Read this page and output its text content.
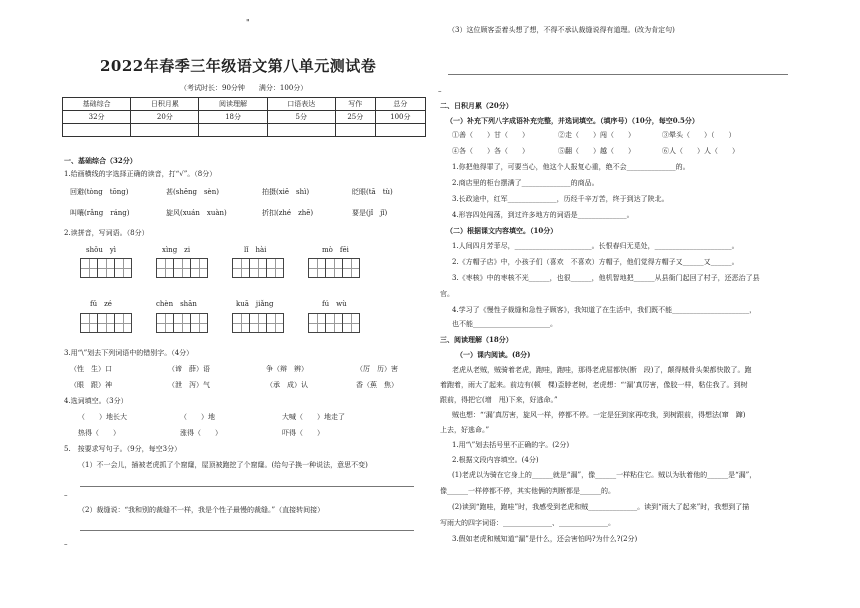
"
2022年春季三年级语文第八单元测试卷
（考试时长：90分钟　　满分：100分）
基础综合	日积月累	阅读理解	口语表达	写作	总分
32分	20分	18分	5分	25分	100分

一、基础综合（32分）
1.给画横线的字选择正确的读音，打“√”。（8分）
回避(tòng　tōng)	甚(shēng　sèn)	拍摄(xiē　shì)	眨眼(tā　tù)
叫嚷(rǎng　ráng)	旋风(xuán　xuàn)	折扣(zhé　zhē)	要是(jǐ　jǐ)
2.读拼音，写词语。（8分）
shǒu　yì	xìng　zi	lǐ　hài	mò　fēi
fǔ　zé	chèn　shān	kuā　jiǎng	fú　wù
3.用“\”划去下列词语中的错别字。（4分）
（性　生）口	（谛　薛）语	争（辩　辨）	（厉　历）害
（眼　跟）神	（泄　泻）气	（承　成）认	香（蕉　焦）
4.选词填空。（3分）
（　　）地长大	（　　）地	大喊（　　）地走了
热得（　　）	涨得（　　）	吓得（　　）
5.　按要求写句子。（9分，每空3分）
（1）不一会儿，插被老虎抓了个窟窿，屋顶被跑挖了个窟窿。(给句子换一种说法，意思不变)
–
（2）裁缝说：“我和别的裁缝不一样，我是个性子最慢的裁缝。”（直接转间接）
–
（3）这位顾客歪着头想了想，不得不承认裁缝说得有道理。(改为肯定句)
–
二、日积月累（20分）
（一）补充下列八字成语补充完整，并选词填空。（填序号）（10分，每空0.5分）
①善（　　）甘（　　）	②走（　　）闯（　　）	③晕头（　　）（　　）
④各（　　）各（　　）	⑤翻（　　）越（　　）	⑥人（　　）人（　　）
1.你把他得罪了，可要当心，他这个人报复心重，绝不会______________的。
2.商店里的柜台摆满了______________的商品。
3.长政途中，红军______________，历经千辛万苦，终于到达了陕北。
4.形容四处闯荡，到过许多地方的词语是______________。
（二）根据课文内容填空。（10分）
1.人间四月芳菲尽，______________________。长恨春归无觅处，______________________。
2.《方帽子店》中，小孩子们（喜欢　不喜欢）方帽子，他们觉得方帽子又______又______。
3.《枣核》中的枣核不光______，也很______，他机智地把______从县衙门起回了村子，还恶治了县
官。
4.学习了《慢性子裁缝和急性子顾客》，我知道了在生活中，我们既不能______________________，
也不能______________________。
三、阅读理解（18分）
（一）课内阅读。(8分)
老虎从老贼，贼骑着老虎，跑哇，跑哇，那得老虎屈都快(断　段)了，颠得贼骨头架都快散了。跑
着跑着，雨大了起来。前边有(顿　棵)歪脖老树，老虎想：“‘漏’真厉害，像胶一样，粘住我了。到树
跟前，得把它(增　甩)下来，好逃命。”
贼也想：“‘漏’真厉害，旋风一样，停都不停。一定是狂到家再吃我，到树跟前，得想法(窜　蹿)
上去，好逃命。”
1.用“\”划去括号里不正确的字。(2分)
2.根据文段内容填空。(4分)
(1)老虎以为骑在它身上的______就是“漏”，像______一样粘住它。贼以为驮着他的______是“漏”，
像______一样停都不停，其实他俩的判断都是______的。
(2)读到“跑哇，跑哇”时，我感受到老虎和贼______________。读到“雨大了起来”时，我想到了描
写雨大的四字词语：______________、______________。
3.假如老虎和贼知道“漏”是什么，还会害怕吗?为什么?(2分)
